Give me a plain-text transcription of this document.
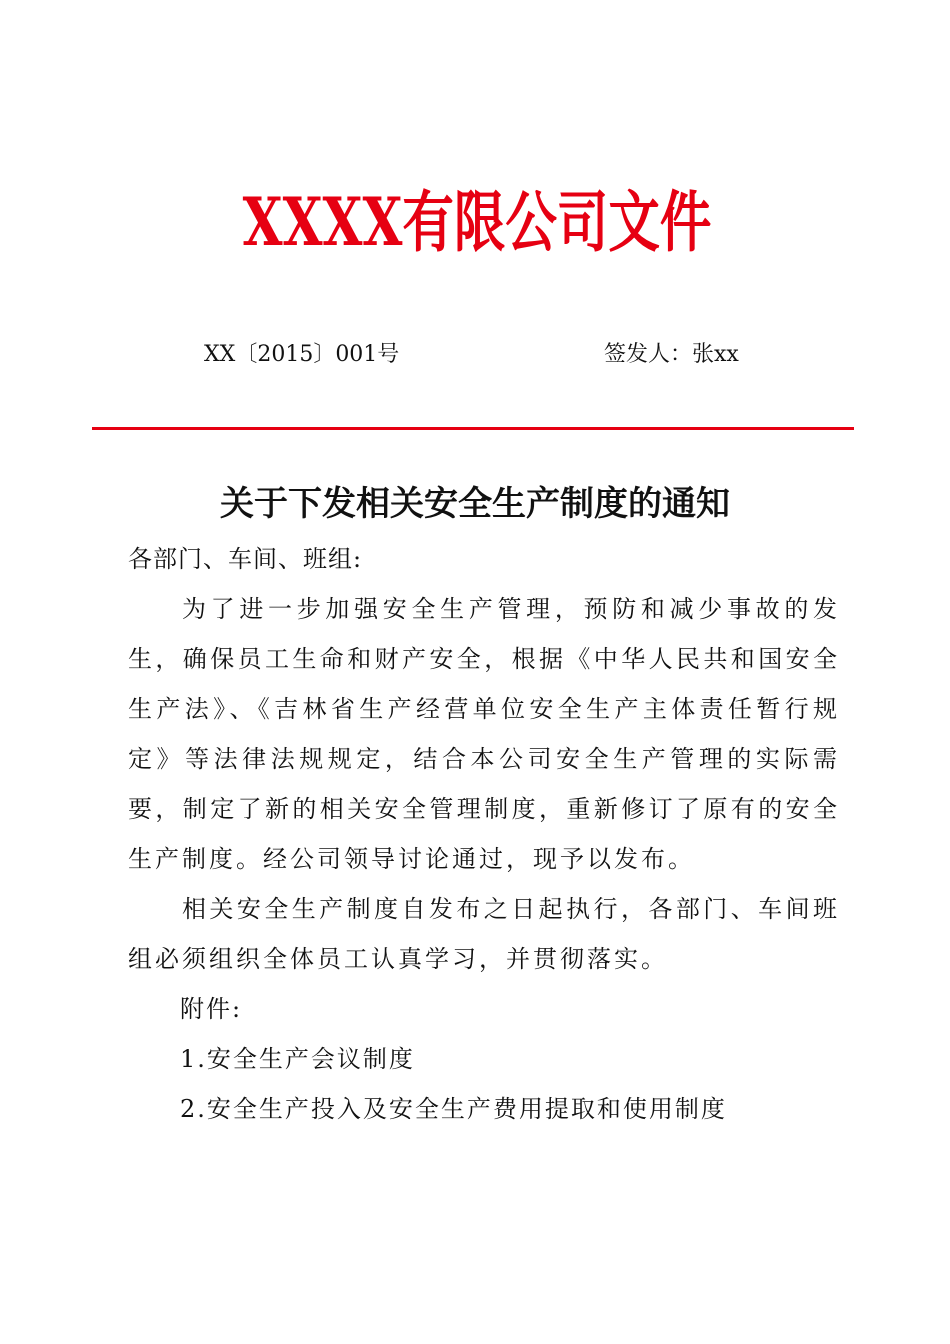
XXXX有限公司文件
XX〔2015〕001号	签发人：张xx
关于下发相关安全生产制度的通知
各部门、车间、班组:
为了进一步加强安全生产管理，预防和减少事故的发生，确保员工生命和财产安全，根据《中华人民共和国安全生产法》、《吉林省生产经营单位安全生产主体责任暂行规定》等法律法规规定，结合本公司安全生产管理的实际需要，制定了新的相关安全管理制度，重新修订了原有的安全生产制度。经公司领导讨论通过，现予以发布。
相关安全生产制度自发布之日起执行，各部门、车间班组必须组织全体员工认真学习，并贯彻落实。
附件:
1.安全生产会议制度
2.安全生产投入及安全生产费用提取和使用制度
